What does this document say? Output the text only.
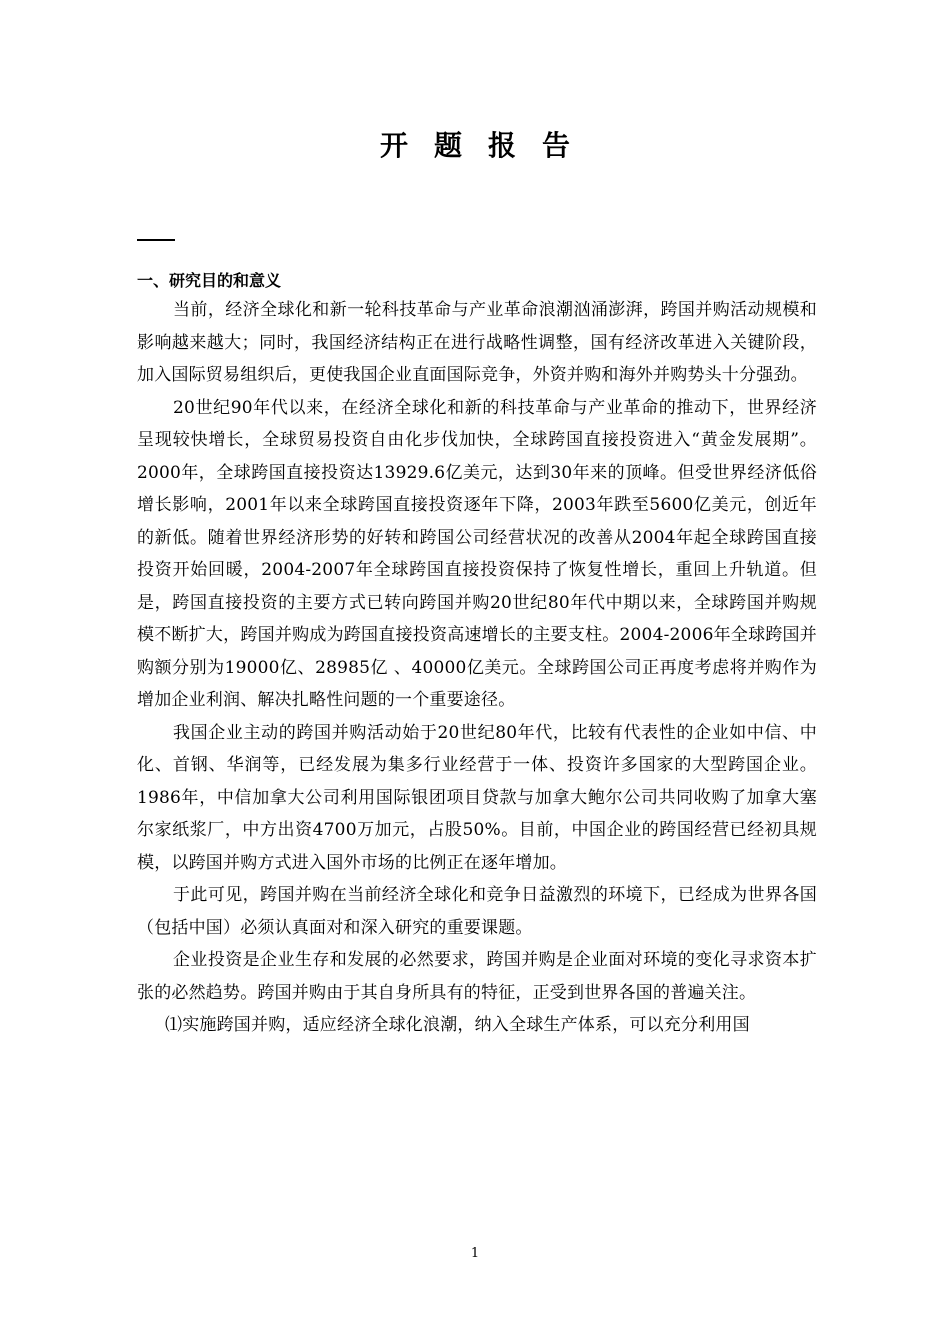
开题报告
一、研究目的和意义

当前，经济全球化和新一轮科技革命与产业革命浪潮汹涌澎湃，跨国并购活动规模和影响越来越大；同时，我国经济结构正在进行战略性调整，国有经济改革进入关键阶段，加入国际贸易组织后，更使我国企业直面国际竞争，外资并购和海外并购势头十分强劲。

20世纪90年代以来，在经济全球化和新的科技革命与产业革命的推动下，世界经济呈现较快增长，全球贸易投资自由化步伐加快，全球跨国直接投资进入“黄金发展期”。2000年，全球跨国直接投资达13929.6亿美元，达到30年来的顶峰。但受世界经济低俗增长影响，2001年以来全球跨国直接投资逐年下降，2003年跌至5600亿美元，创近年的新低。随着世界经济形势的好转和跨国公司经营状况的改善从2004年起全球跨国直接投资开始回暖，2004-2007年全球跨国直接投资保持了恢复性增长，重回上升轨道。但是，跨国直接投资的主要方式已转向跨国并购20世纪80年代中期以来，全球跨国并购规模不断扩大，跨国并购成为跨国直接投资高速增长的主要支柱。2004-2006年全球跨国并购额分别为19000亿、28985亿 、40000亿美元。全球跨国公司正再度考虑将并购作为增加企业利润、解决扎略性问题的一个重要途径。

我国企业主动的跨国并购活动始于20世纪80年代，比较有代表性的企业如中信、中化、首钢、华润等，已经发展为集多行业经营于一体、投资许多国家的大型跨国企业。1986年，中信加拿大公司利用国际银团项目贷款与加拿大鲍尔公司共同收购了加拿大塞尔家纸浆厂，中方出资4700万加元，占股50%。目前，中国企业的跨国经营已经初具规模，以跨国并购方式进入国外市场的比例正在逐年增加。

于此可见，跨国并购在当前经济全球化和竞争日益激烈的环境下，已经成为世界各国（包括中国）必须认真面对和深入研究的重要课题。

企业投资是企业生存和发展的必然要求，跨国并购是企业面对环境的变化寻求资本扩张的必然趋势。跨国并购由于其自身所具有的特征，正受到世界各国的普遍关注。

⑴实施跨国并购，适应经济全球化浪潮，纳入全球生产体系，可以充分利用国

1
